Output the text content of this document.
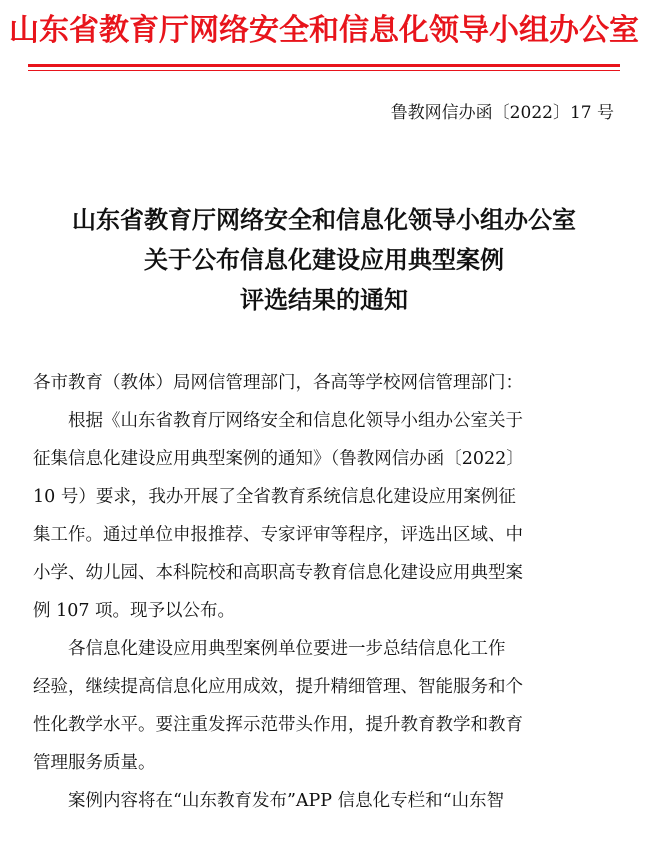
山东省教育厅网络安全和信息化领导小组办公室
鲁教网信办函〔2022〕17 号
山东省教育厅网络安全和信息化领导小组办公室
关于公布信息化建设应用典型案例
评选结果的通知

各市教育（教体）局网信管理部门，各高等学校网信管理部门：

根据《山东省教育厅网络安全和信息化领导小组办公室关于
征集信息化建设应用典型案例的通知》（鲁教网信办函〔2022〕
10 号）要求，我办开展了全省教育系统信息化建设应用案例征
集工作。通过单位申报推荐、专家评审等程序，评选出区域、中
小学、幼儿园、本科院校和高职高专教育信息化建设应用典型案
例 107 项。现予以公布。

各信息化建设应用典型案例单位要进一步总结信息化工作
经验，继续提高信息化应用成效，提升精细管理、智能服务和个
性化教学水平。要注重发挥示范带头作用，提升教育教学和教育
管理服务质量。

案例内容将在“山东教育发布”APP 信息化专栏和“山东智
